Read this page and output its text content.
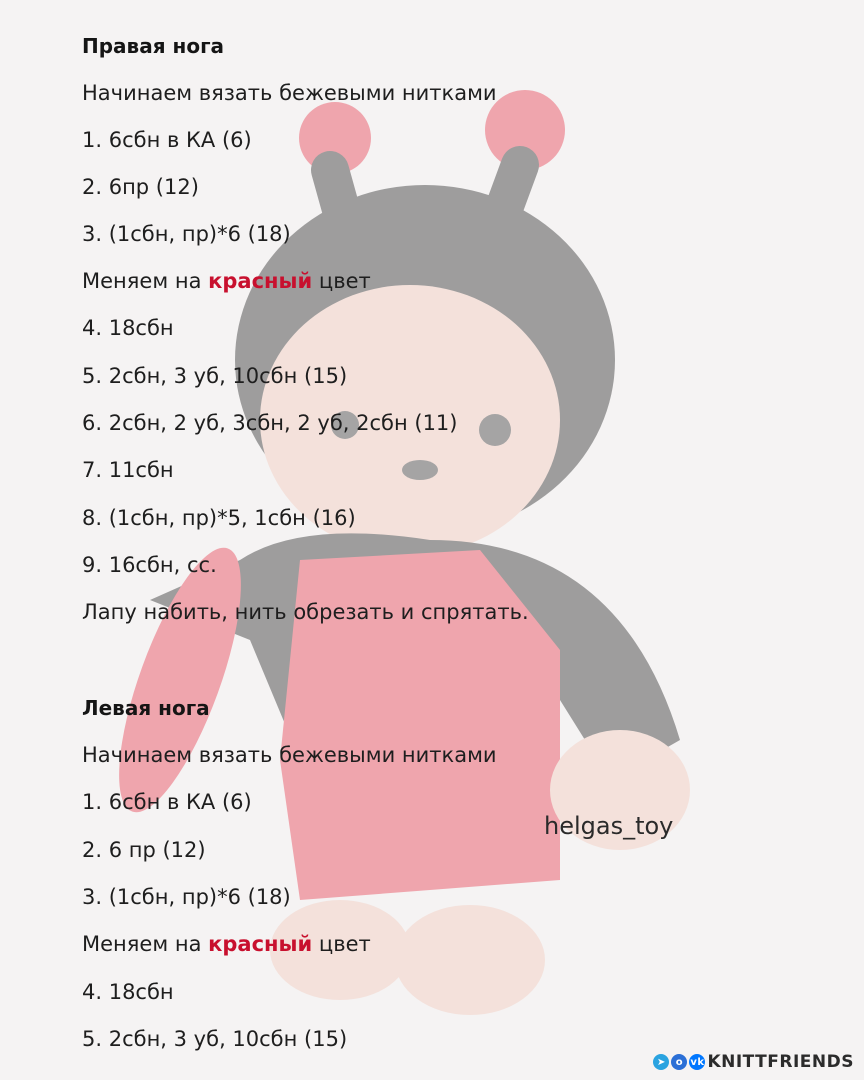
Правая нога
Начинаем вязать бежевыми нитками
1. 6сбн в КА (6)
2. 6пр (12)
3. (1сбн, пр)*6 (18)
Меняем на красный цвет
4. 18сбн
5. 2сбн, 3 уб, 10сбн (15)
6. 2сбн, 2 уб, 3сбн, 2 уб, 2сбн (11)
7. 11сбн
8. (1сбн, пр)*5, 1сбн (16)
9. 16сбн, сс.
Лапу набить, нить обрезать и спрятать.
Левая нога
Начинаем вязать бежевыми нитками
1. 6сбн в КА (6)
2. 6 пр (12)
3. (1сбн, пр)*6 (18)
Меняем на красный цвет
4. 18сбн
5. 2сбн, 3 уб, 10сбн (15)
helgas_toy
➤ o vk KNITTFRIENDS
